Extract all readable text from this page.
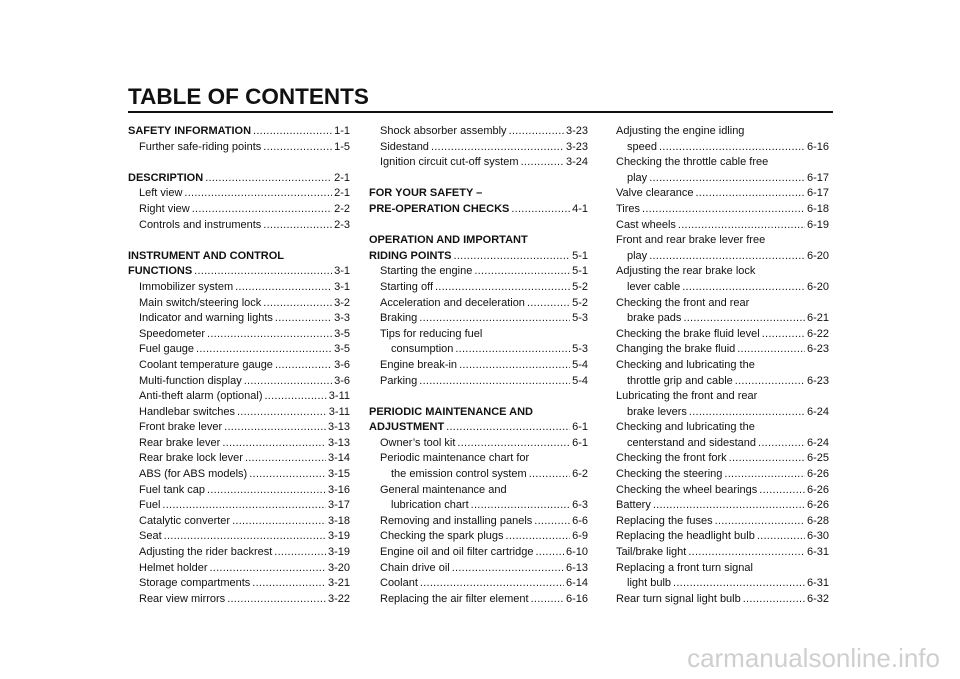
TABLE OF CONTENTS
SAFETY INFORMATION . . .	1-1
Further safe-riding points . . .	1-5
DESCRIPTION . . .	2-1
Left view . . .	2-1
Right view . . .	2-2
Controls and instruments . . .	2-3
INSTRUMENT AND CONTROL
FUNCTIONS . . .	3-1
Immobilizer system . . .	3-1
Main switch/steering lock . . .	3-2
Indicator and warning lights . . .	3-3
Speedometer . . .	3-5
Fuel gauge . . .	3-5
Coolant temperature gauge . . .	3-6
Multi-function display . . .	3-6
Anti-theft alarm (optional) . . .	3-11
Handlebar switches . . .	3-11
Front brake lever . . .	3-13
Rear brake lever . . .	3-13
Rear brake lock lever . . .	3-14
ABS (for ABS models) . . .	3-15
Fuel tank cap . . .	3-16
Fuel . . .	3-17
Catalytic converter . . .	3-18
Seat . . .	3-19
Adjusting the rider backrest . . .	3-19
Helmet holder . . .	3-20
Storage compartments . . .	3-21
Rear view mirrors . . .	3-22
Shock absorber assembly . . .	3-23
Sidestand . . .	3-23
Ignition circuit cut-off system . . .	3-24
FOR YOUR SAFETY –
PRE-OPERATION CHECKS . . .	4-1
OPERATION AND IMPORTANT
RIDING POINTS . . .	5-1
Starting the engine . . .	5-1
Starting off . . .	5-2
Acceleration and deceleration . . .	5-2
Braking . . .	5-3
Tips for reducing fuel
consumption . . .	5-3
Engine break-in . . .	5-4
Parking . . .	5-4
PERIODIC MAINTENANCE AND
ADJUSTMENT . . .	6-1
Owner’s tool kit . . .	6-1
Periodic maintenance chart for
the emission control system . . .	6-2
General maintenance and
lubrication chart . . .	6-3
Removing and installing panels . . .	6-6
Checking the spark plugs . . .	6-9
Engine oil and oil filter cartridge . . .	6-10
Chain drive oil . . .	6-13
Coolant . . .	6-14
Replacing the air filter element . . .	6-16
Adjusting the engine idling
speed . . .	6-16
Checking the throttle cable free
play . . .	6-17
Valve clearance . . .	6-17
Tires . . .	6-18
Cast wheels . . .	6-19
Front and rear brake lever free
play . . .	6-20
Adjusting the rear brake lock
lever cable . . .	6-20
Checking the front and rear
brake pads . . .	6-21
Checking the brake fluid level . . .	6-22
Changing the brake fluid . . .	6-23
Checking and lubricating the
throttle grip and cable . . .	6-23
Lubricating the front and rear
brake levers . . .	6-24
Checking and lubricating the
centerstand and sidestand . . .	6-24
Checking the front fork . . .	6-25
Checking the steering . . .	6-26
Checking the wheel bearings . . .	6-26
Battery . . .	6-26
Replacing the fuses . . .	6-28
Replacing the headlight bulb . . .	6-30
Tail/brake light . . .	6-31
Replacing a front turn signal
light bulb . . .	6-31
Rear turn signal light bulb . . .	6-32
carmanualsonline.info
